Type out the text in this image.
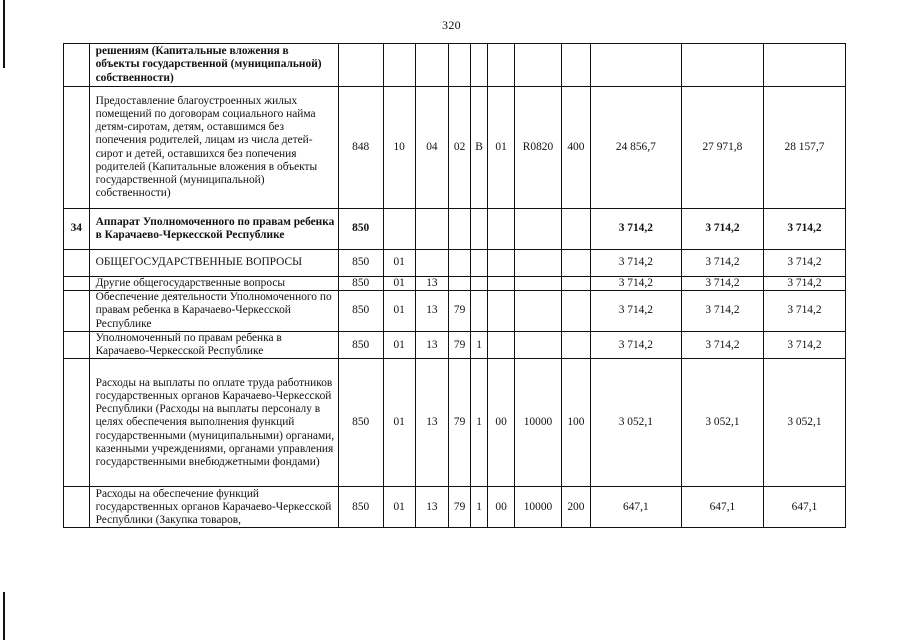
320
	решениям (Капитальные вложения в объекты государственной (муниципальной) собственности)											
	Предоставление благоустроенных жилых помещений по договорам социального найма детям-сиротам, детям, оставшимся без попечения родителей, лицам из числа детей-сирот и детей, оставшихся без попечения родителей (Капитальные вложения в объекты государственной (муниципальной) собственности)	848	10	04	02	В	01	R0820	400	24 856,7	27 971,8	28 157,7
34	Аппарат Уполномоченного по правам ребенка в Карачаево-Черкесской Республике	850								3 714,2	3 714,2	3 714,2
	ОБЩЕГОСУДАРСТВЕННЫЕ ВОПРОСЫ	850	01							3 714,2	3 714,2	3 714,2
	Другие общегосударственные вопросы	850	01	13						3 714,2	3 714,2	3 714,2
	Обеспечение деятельности Уполномоченного по правам ребенка в Карачаево-Черкесской Республике	850	01	13	79					3 714,2	3 714,2	3 714,2
	Уполномоченный по правам ребенка в Карачаево-Черкесской Республике	850	01	13	79	1				3 714,2	3 714,2	3 714,2
	Расходы на выплаты по оплате труда работников государственных органов Карачаево-Черкесской Республики (Расходы на выплаты персоналу в целях обеспечения выполнения функций государственными (муниципальными) органами, казенными учреждениями, органами управления государственными внебюджетными фондами)	850	01	13	79	1	00	10000	100	3 052,1	3 052,1	3 052,1
	Расходы на обеспечение функций государственных органов Карачаево-Черкесской Республики (Закупка товаров,	850	01	13	79	1	00	10000	200	647,1	647,1	647,1
